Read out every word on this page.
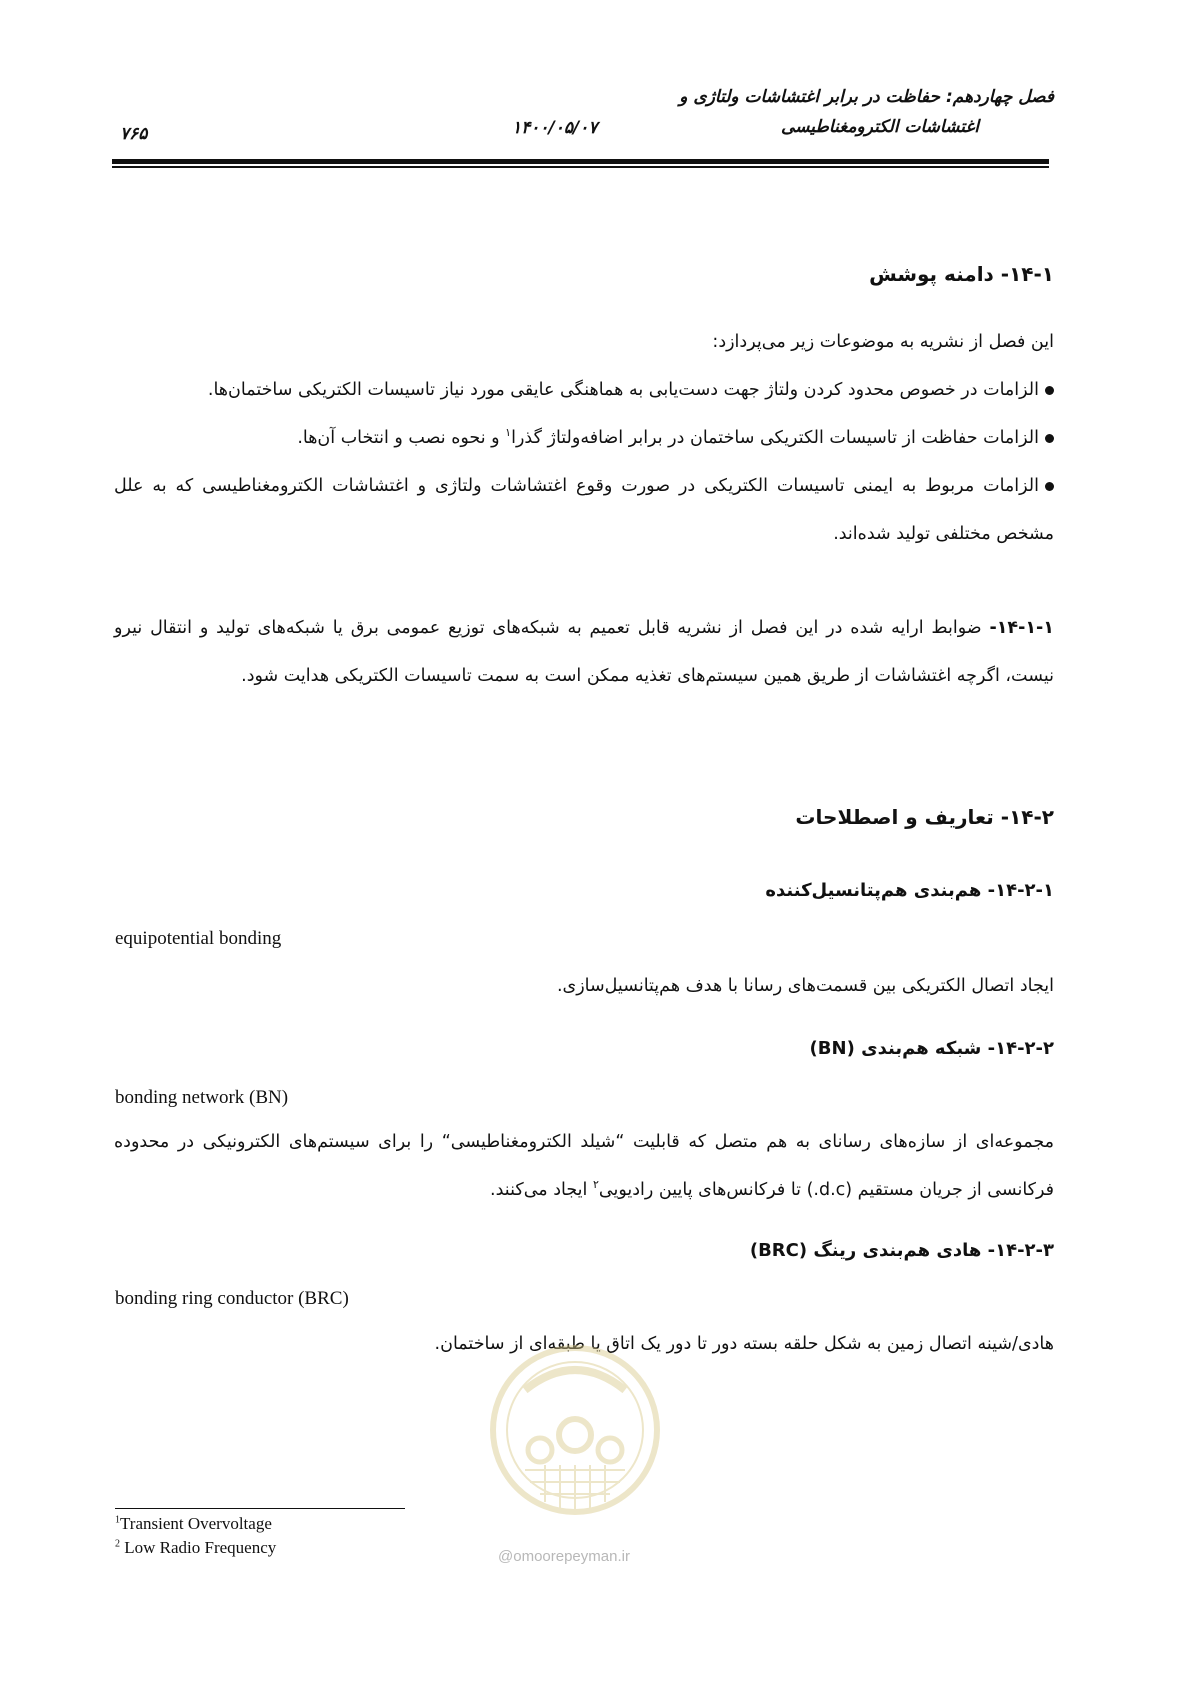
فصل چهاردهم: حفاظت در برابر اغتشاشات ولتاژی و
اغتشاشات الکترومغناطیسی
۱۴۰۰/۰۵/۰۷
۷۶۵
۱۴-۱- دامنه پوشش
این فصل از نشریه به موضوعات زیر می‌پردازد:
الزامات در خصوص محدود کردن ولتاژ جهت دست‌یابی به هماهنگی عایقی مورد نیاز تاسیسات الکتریکی ساختمان‌ها.
الزامات حفاظت از تاسیسات الکتریکی ساختمان در برابر اضافه‌ولتاژ گذرا$^۱$ و نحوه نصب و انتخاب آن‌ها.
الزامات مربوط به ایمنی تاسیسات الکتریکی در صورت وقوع اغتشاشات ولتاژی و اغتشاشات الکترومغناطیسی که به علل مشخص مختلفی تولید شده‌اند.
۱۴-۱-۱- ضوابط ارایه شده در این فصل از نشریه قابل تعمیم به شبکه‌های توزیع عمومی برق یا شبکه‌های تولید و انتقال نیرو نیست، اگرچه اغتشاشات از طریق همین سیستم‌های تغذیه ممکن است به سمت تاسیسات الکتریکی هدایت شود.
۱۴-۲- تعاریف و اصطلاحات
۱۴-۲-۱- هم‌بندی هم‌پتانسیل‌کننده
equipotential bonding
ایجاد اتصال الکتریکی بین قسمت‌های رسانا با هدف هم‌پتانسیل‌سازی.
۱۴-۲-۲- شبکه هم‌بندی (BN)
bonding network (BN)
مجموعه‌ای از سازه‌های رسانای به هم متصل که قابلیت “شیلد الکترومغناطیسی“ را برای سیستم‌های الکترونیکی در محدوده فرکانسی از جریان مستقیم (d.c.) تا فرکانس‌های پایین رادیویی$^۲$ ایجاد می‌کنند.
۱۴-۲-۳- هادی هم‌بندی رینگ (BRC)
bonding ring conductor (BRC)
هادی/شینه اتصال زمین به شکل حلقه بسته دور تا دور یک اتاق یا طبقه‌ای از ساختمان.
@omoorepeyman.ir
$^1$Transient Overvoltage
$^2$ Low Radio Frequency
